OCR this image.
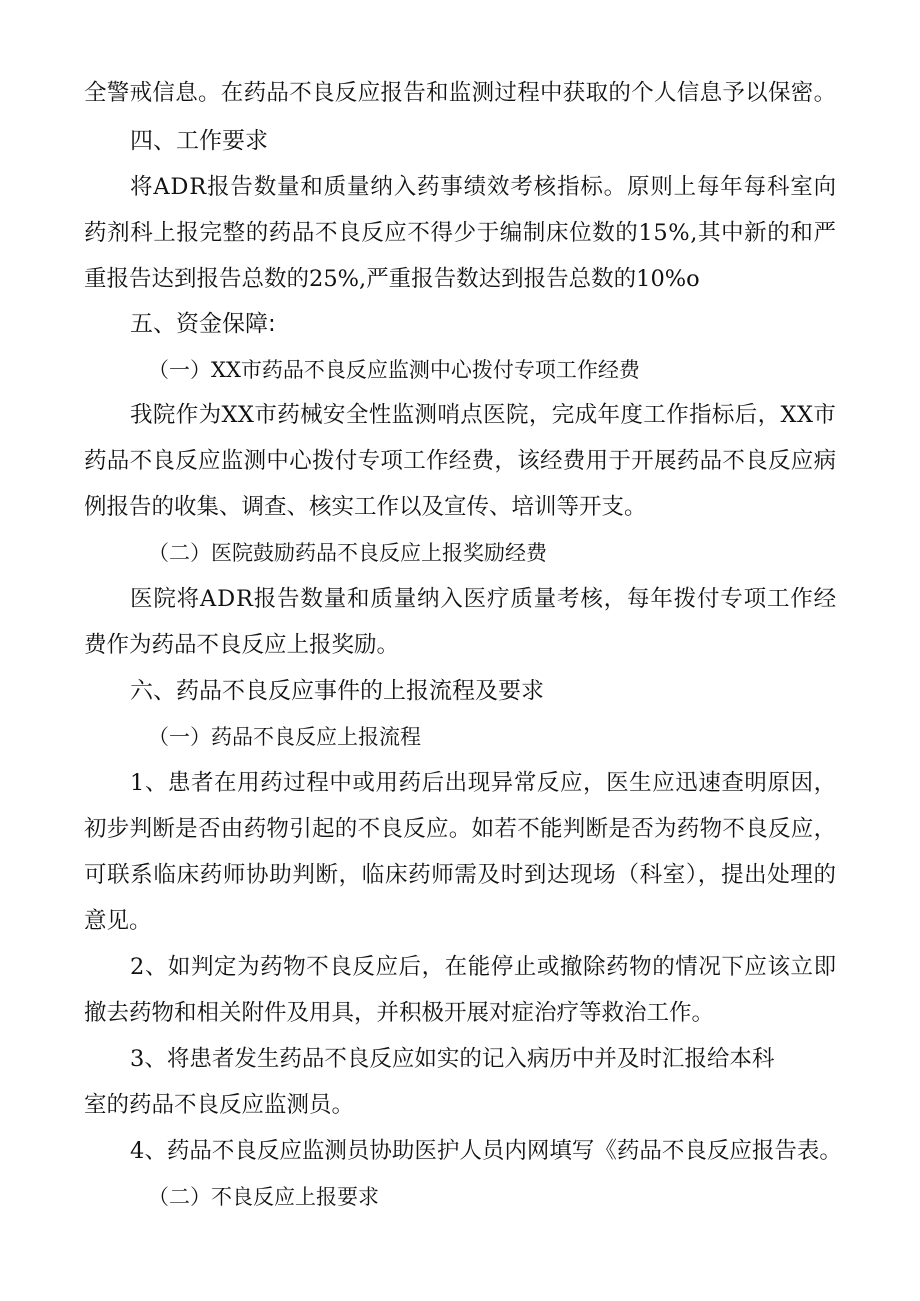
全警戒信息。在药品不良反应报告和监测过程中获取的个人信息予以保密。
四、工作要求
将ADR报告数量和质量纳入药事绩效考核指标。原则上每年每科室向
药剂科上报完整的药品不良反应不得少于编制床位数的15%,其中新的和严
重报告达到报告总数的25%,严重报告数达到报告总数的10%o
五、资金保障:
（一）XX市药品不良反应监测中心拨付专项工作经费
我院作为XX市药械安全性监测哨点医院，完成年度工作指标后，XX市
药品不良反应监测中心拨付专项工作经费，该经费用于开展药品不良反应病
例报告的收集、调查、核实工作以及宣传、培训等开支。
（二）医院鼓励药品不良反应上报奖励经费
医院将ADR报告数量和质量纳入医疗质量考核，每年拨付专项工作经
费作为药品不良反应上报奖励。
六、药品不良反应事件的上报流程及要求
（一）药品不良反应上报流程
1、患者在用药过程中或用药后出现异常反应，医生应迅速查明原因，
初步判断是否由药物引起的不良反应。如若不能判断是否为药物不良反应，
可联系临床药师协助判断，临床药师需及时到达现场（科室），提出处理的
意见。
2、如判定为药物不良反应后，在能停止或撤除药物的情况下应该立即
撤去药物和相关附件及用具，并积极开展对症治疗等救治工作。
3、将患者发生药品不良反应如实的记入病历中并及时汇报给本科
室的药品不良反应监测员。
4、药品不良反应监测员协助医护人员内网填写《药品不良反应报告表。
（二）不良反应上报要求
